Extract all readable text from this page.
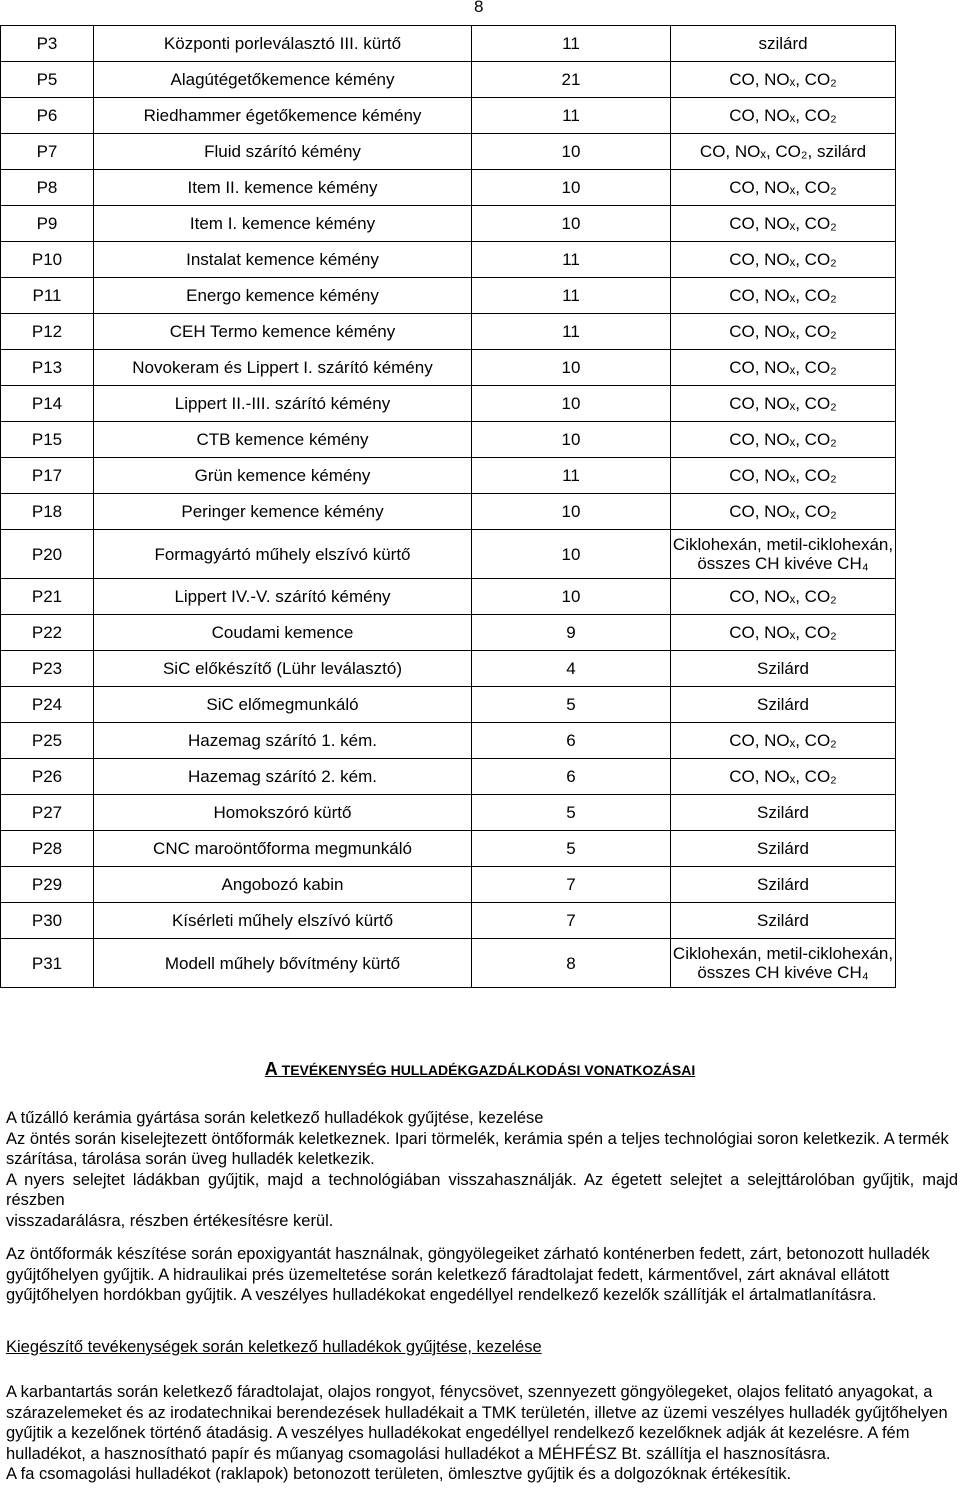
8
P3	Központi porleválasztó III. kürtő	11	szilárd
P5	Alagútégetőkemence kémény	21	CO, NOₓ, CO₂
P6	Riedhammer égetőkemence kémény	11	CO, NOₓ, CO₂
P7	Fluid szárító kémény	10	CO, NOₓ, CO₂, szilárd
P8	Item II. kemence kémény	10	CO, NOₓ, CO₂
P9	Item I. kemence kémény	10	CO, NOₓ, CO₂
P10	Instalat kemence kémény	11	CO, NOₓ, CO₂
P11	Energo kemence kémény	11	CO, NOₓ, CO₂
P12	CEH Termo kemence kémény	11	CO, NOₓ, CO₂
P13	Novokeram és Lippert I. szárító kémény	10	CO, NOₓ, CO₂
P14	Lippert II.-III. szárító kémény	10	CO, NOₓ, CO₂
P15	CTB kemence kémény	10	CO, NOₓ, CO₂
P17	Grün kemence kémény	11	CO, NOₓ, CO₂
P18	Peringer kemence kémény	10	CO, NOₓ, CO₂
P20	Formagyártó műhely elszívó kürtő	10	Ciklohexán, metil-ciklohexán,
összes CH kivéve CH₄

P21	Lippert IV.-V. szárító kémény	10	CO, NOₓ, CO₂
P22	Coudami kemence	9	CO, NOₓ, CO₂
P23	SiC előkészítő (Lühr leválasztó)	4	Szilárd
P24	SiC előmegmunkáló	5	Szilárd
P25	Hazemag szárító 1. kém.	6	CO, NOₓ, CO₂
P26	Hazemag szárító 2. kém.	6	CO, NOₓ, CO₂
P27	Homokszóró kürtő	5	Szilárd
P28	CNC maroöntőforma megmunkáló	5	Szilárd
P29	Angobozó kabin	7	Szilárd
P30	Kísérleti műhely elszívó kürtő	7	Szilárd
P31	Modell műhely bővítmény kürtő	8	Ciklohexán, metil-ciklohexán,
összes CH kivéve CH₄
A TEVÉKENYSÉG HULLADÉKGAZDÁLKODÁSI VONATKOZÁSAI
A tűzálló kerámia gyártása során keletkező hulladékok gyűjtése, kezelése
Az öntés során kiselejtezett öntőformák keletkeznek. Ipari törmelék, kerámia spén a teljes technológiai soron keletkezik. A termék
szárítása, tárolása során üveg hulladék keletkezik.
A nyers selejtet ládákban gyűjtik, majd a technológiában visszahasználják. Az égetett selejtet a selejttárolóban gyűjtik, majd részben
visszadarálásra, részben értékesítésre kerül.
Az öntőformák készítése során epoxigyantát használnak, göngyölegeiket zárható konténerben fedett, zárt, betonozott hulladék
gyűjtőhelyen gyűjtik. A hidraulikai prés üzemeltetése során keletkező fáradtolajat fedett, kármentővel, zárt aknával ellátott
gyűjtőhelyen hordókban gyűjtik. A veszélyes hulladékokat engedéllyel rendelkező kezelők szállítják el ártalmatlanításra.
Kiegészítő tevékenységek során keletkező hulladékok gyűjtése, kezelése
A karbantartás során keletkező fáradtolajat, olajos rongyot, fénycsövet, szennyezett göngyölegeket, olajos felitató anyagokat, a
szárazelemeket és az irodatechnikai berendezések hulladékait a TMK területén, illetve az üzemi veszélyes hulladék gyűjtőhelyen
gyűjtik a kezelőnek történő átadásig. A veszélyes hulladékokat engedéllyel rendelkező kezelőknek adják át kezelésre. A fém
hulladékot, a hasznosítható papír és műanyag csomagolási hulladékot a MÉHFÉSZ Bt. szállítja el hasznosításra.
A fa csomagolási hulladékot (raklapok) betonozott területen, ömlesztve gyűjtik és a dolgozóknak értékesítik.
